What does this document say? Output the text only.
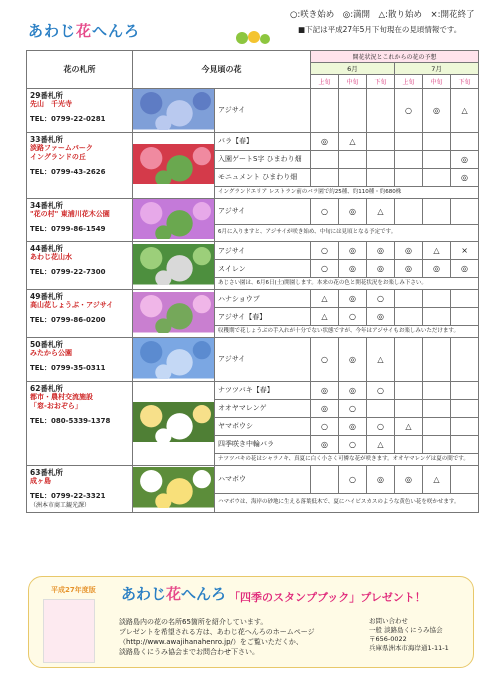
あわじ花へんろ
○:咲き始め　◎:満開　△:散り始め　×:開花終了
■下記は平成27年5月下旬現在の見頃情報です。
花の札所	今見頃の花		開花状況とこれからの花の予想					
			6月			7月		
			上旬	中旬	下旬	上旬	中旬	下旬

29番札所
先山　千光寺
TEL：0799-22-0281		アジサイ				○	◎	△

33番札所
淡路ファームパーク
イングランドの丘
TEL：0799-43-2626		バラ【春】	◎	△				
		入園ゲートS字 ひまわり畑						◎
		モニュメント ひまわり畑						◎
		イングランドエリア レストラン前のバラ園で約25種、約110種・約680株						

34番札所
"花の村" 東浦川花木公園
TEL：0799-86-1549		アジサイ	○	◎	△			
		6月に入りますと、アジサイが咲き始め、中旬には見頃となる予定です。						

44番札所
あわじ花山水
TEL：0799-22-7300		アジサイ	○	◎	◎	◎	△	×
		スイレン	○	◎	◎	◎	◎	◎
		あじさい園は、6月6日(土)開園します。本来の花の色と開花状況をお楽しみ下さい。						

49番札所
高山花しょうぶ・アジサイ
TEL：0799-86-0200		ハナショウブ	△	◎	○			
		アジサイ【春】	△	○	◎			
		収穫期で花しょうぶの手入れが十分でない状態ですが、今年はアジサイもお楽しみいただけます。						

50番札所
みたから公園
TEL：0799-35-0311		アジサイ	○	◎	△			

62番札所
都市・農村交流施設
「窓-おおぞら」
TEL：080-5339-1378		ナツツバキ【春】	◎	◎	○			
		オオヤマレンゲ	◎	○				
		ヤマボウシ	○	◎	○	△		
		四季咲き中輪バラ	◎	○	△			
		ナツツバキの花はシャラノキ、真夏に白く小さく可憐な花が咲きます。オオヤマレンゲは夏の間です。						

63番札所
成ヶ島
TEL：0799-22-3321
（洲本市商工観光課）		ハマボウ		○	◎	◎	△	
		ハマボウは、海岸の砂地に生える落葉低木で、夏にハイビスカスのような黄色い花を咲かせます。						
平成27年度版 あわじ花へんろ 「四季のスタンプブック」プレゼント！
淡路島内の花の名所65箇所を紹介しています。
プレゼントを希望される方は、あわじ花へんろのホームページ
（http://www.awajihanahenro.jp/）をご覧いただくか、
淡路島くにうみ協会までお問合わせ下さい。
お問い合わせ
一般 淡路島くにうみ協会
〒656-0022
兵庫県洲本市海岸通1-11-1
